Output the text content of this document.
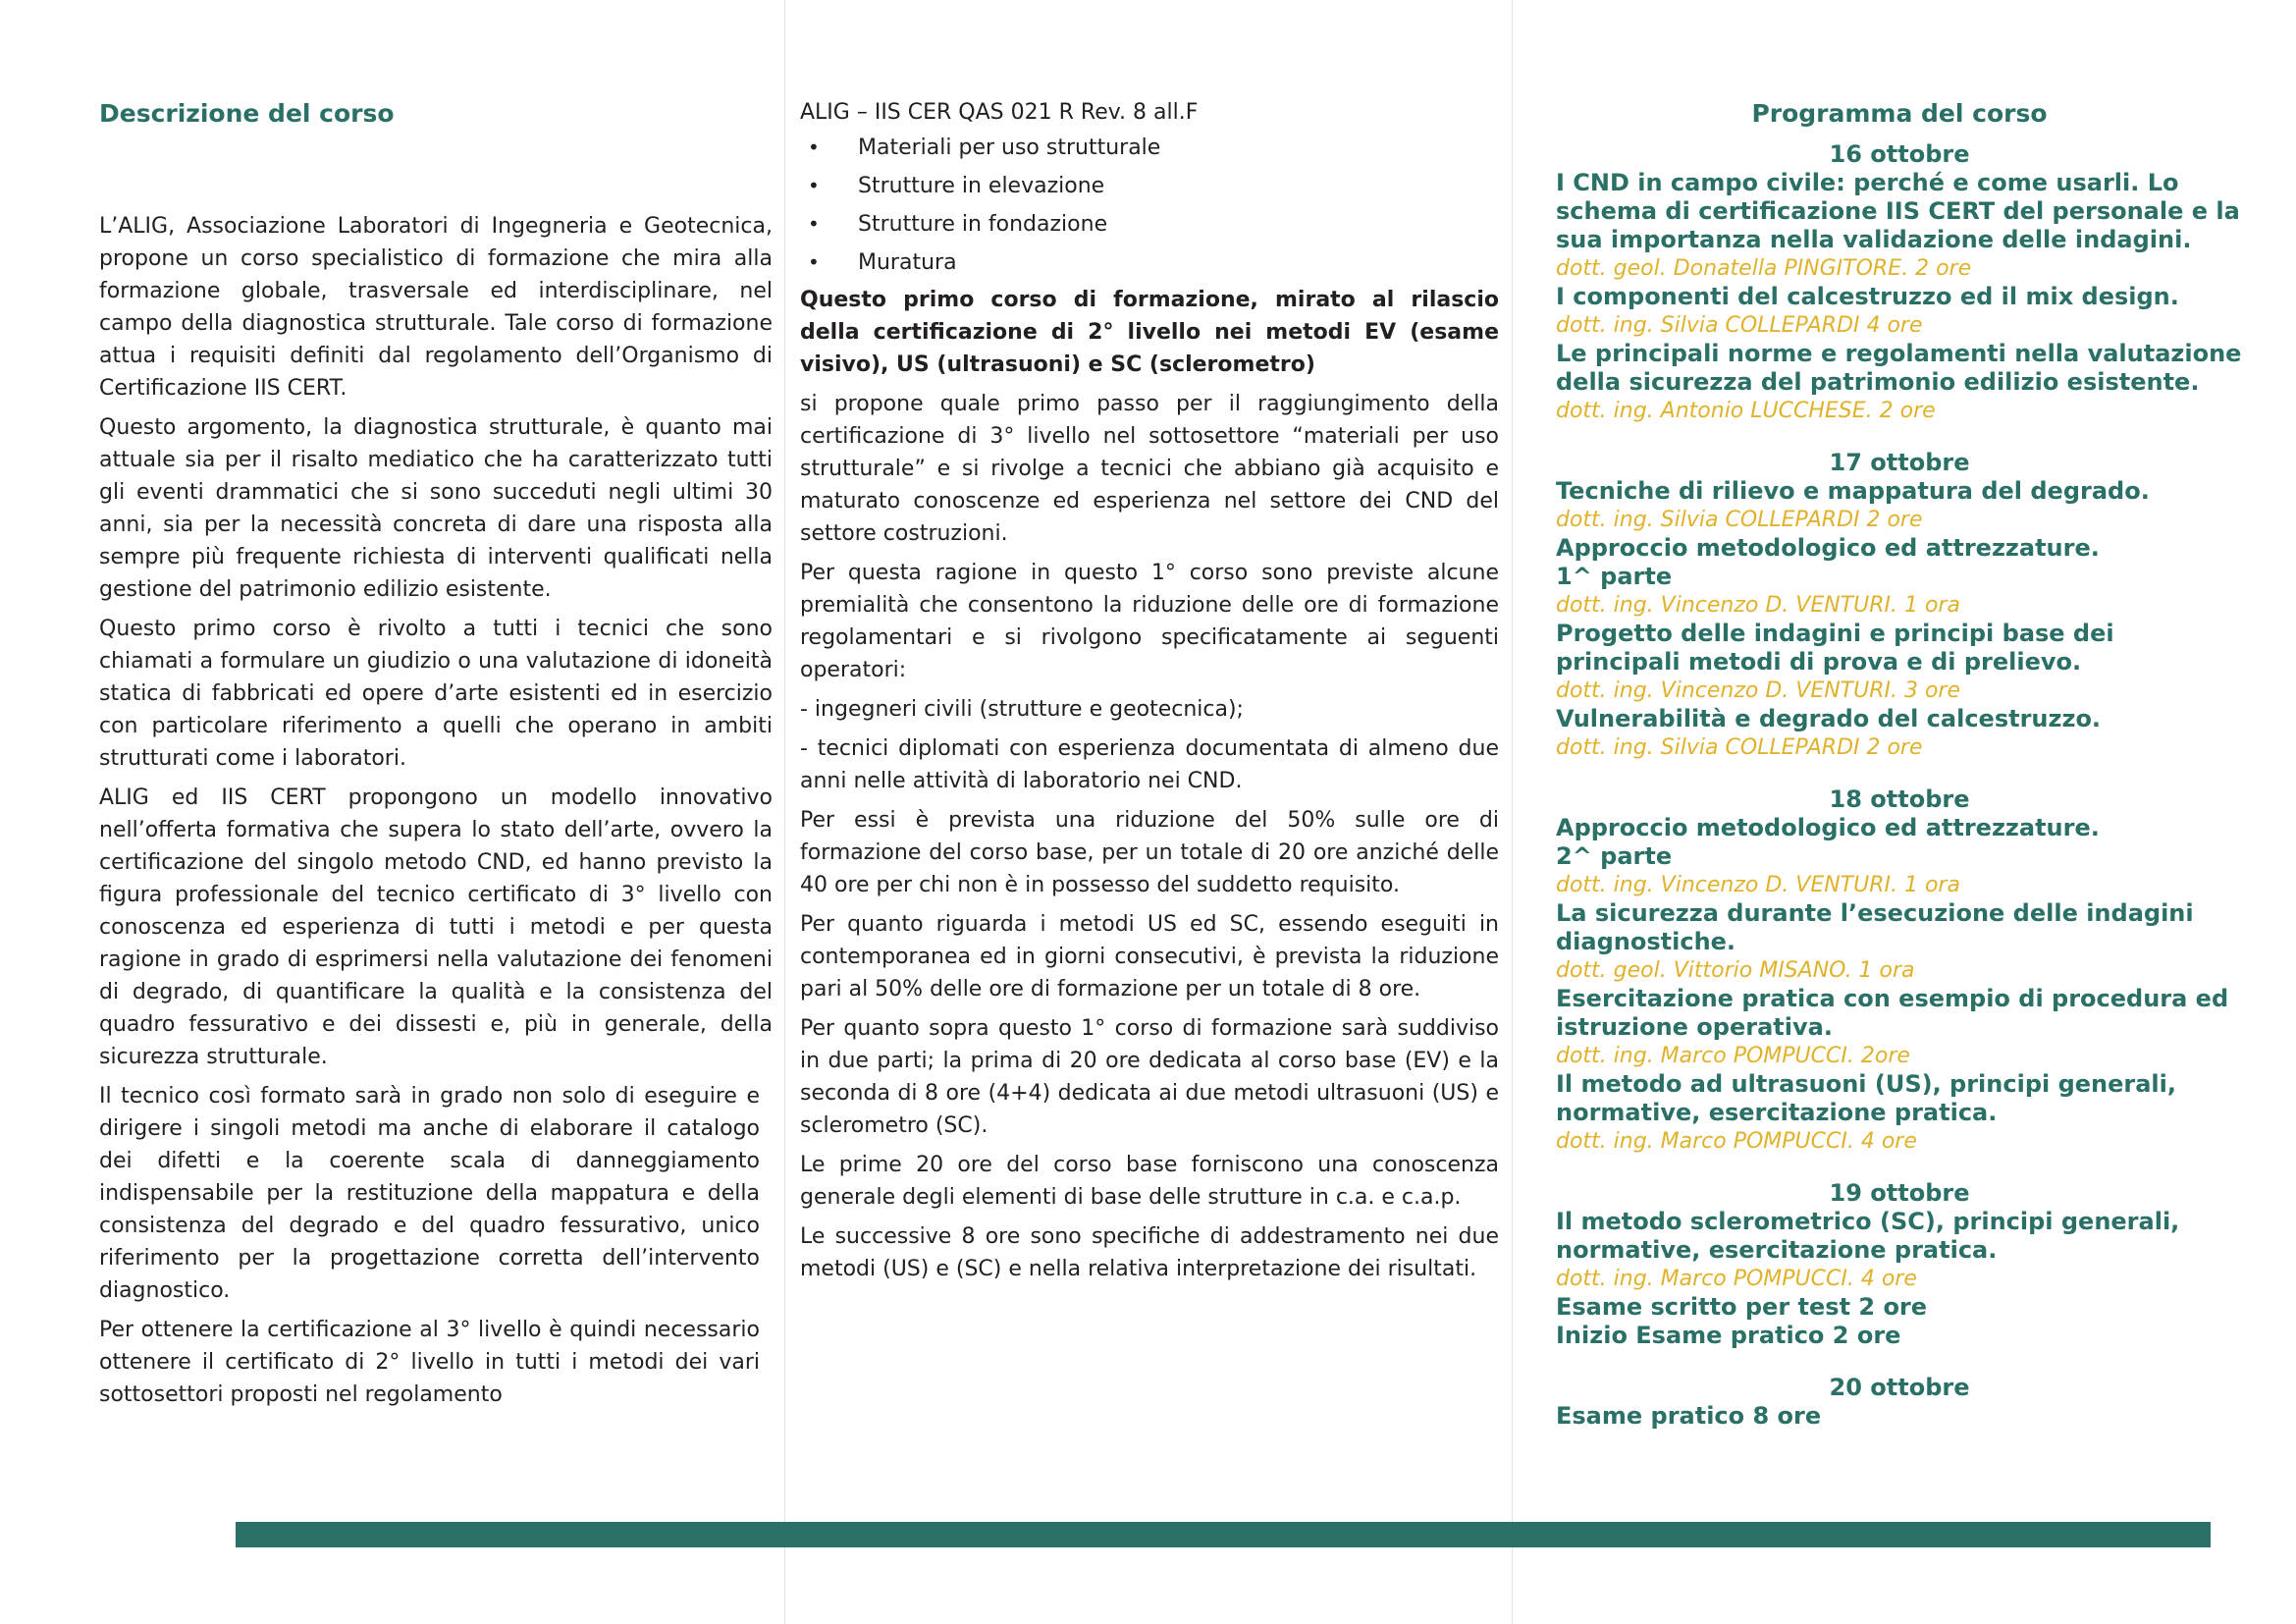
Descrizione del corso

L’ALIG, Associazione Laboratori di Ingegneria e Geotecnica, propone un corso specialistico di formazione che mira alla formazione globale, trasversale ed interdisciplinare, nel campo della diagnostica strutturale. Tale corso di formazione attua i requisiti definiti dal regolamento dell’Organismo di Certificazione IIS CERT.

Questo argomento, la diagnostica strutturale, è quanto mai attuale sia per il risalto mediatico che ha caratterizzato tutti gli eventi drammatici che si sono succeduti negli ultimi 30 anni, sia per la necessità concreta di dare una risposta alla sempre più frequente richiesta di interventi qualificati nella gestione del patrimonio edilizio esistente.

Questo primo corso è rivolto a tutti i tecnici che sono chiamati a formulare un giudizio o una valutazione di idoneità statica di fabbricati ed opere d’arte esistenti ed in esercizio con particolare riferimento a quelli che operano in ambiti strutturati come i laboratori.

ALIG ed IIS CERT propongono un modello innovativo nell’offerta formativa che supera lo stato dell’arte, ovvero la certificazione del singolo metodo CND, ed hanno previsto la figura professionale del tecnico certificato di 3° livello con conoscenza ed esperienza di tutti i metodi e per questa ragione in grado di esprimersi nella valutazione dei fenomeni di degrado, di quantificare la qualità e la consistenza del quadro fessurativo e dei dissesti e, più in generale, della sicurezza strutturale.

Il tecnico così formato sarà in grado non solo di eseguire e dirigere i singoli metodi ma anche di elaborare il catalogo dei difetti e la coerente scala di danneggiamento indispensabile per la restituzione della mappatura e della consistenza del degrado e del quadro fessurativo, unico riferimento per la progettazione corretta dell’intervento diagnostico.

Per ottenere la certificazione al 3° livello è quindi necessario ottenere il certificato di 2° livello in tutti i metodi dei vari sottosettori proposti nel regolamento

ALIG – IIS CER QAS 021 R Rev. 8 all.F

• Materiali per uso strutturale
• Strutture in elevazione
• Strutture in fondazione
• Muratura

Questo primo corso di formazione, mirato al rilascio della certificazione di 2° livello nei metodi EV (esame visivo), US (ultrasuoni) e SC (sclerometro)

si propone quale primo passo per il raggiungimento della certificazione di 3° livello nel sottosettore “materiali per uso strutturale” e si rivolge a tecnici che abbiano già acquisito e maturato conoscenze ed esperienza nel settore dei CND del settore costruzioni.

Per questa ragione in questo 1° corso sono previste alcune premialità che consentono la riduzione delle ore di formazione regolamentari e si rivolgono specificatamente ai seguenti operatori:

- ingegneri civili (strutture e geotecnica);

- tecnici diplomati con esperienza documentata di almeno due anni nelle attività di laboratorio nei CND.

Per essi è prevista una riduzione del 50% sulle ore di formazione del corso base, per un totale di 20 ore anziché delle 40 ore per chi non è in possesso del suddetto requisito.

Per quanto riguarda i metodi US ed SC, essendo eseguiti in contemporanea ed in giorni consecutivi, è prevista la riduzione pari al 50% delle ore di formazione per un totale di 8 ore.

Per quanto sopra questo 1° corso di formazione sarà suddiviso in due parti; la prima di 20 ore dedicata al corso base (EV) e la seconda di 8 ore (4+4) dedicata ai due metodi ultrasuoni (US) e sclerometro (SC).

Le prime 20 ore del corso base forniscono una conoscenza generale degli elementi di base delle strutture in c.a. e c.a.p.

Le successive 8 ore sono specifiche di addestramento nei due metodi (US) e (SC) e nella relativa interpretazione dei risultati.

Programma del corso
16 ottobre
I CND in campo civile: perché e come usarli. Lo schema di certificazione IIS CERT del personale e la sua importanza nella validazione delle indagini.
dott. geol. Donatella PINGITORE. 2 ore
I componenti del calcestruzzo ed il mix design.
dott. ing. Silvia COLLEPARDI 4 ore
Le principali norme e regolamenti nella valutazione della sicurezza del patrimonio edilizio esistente.
dott. ing. Antonio LUCCHESE. 2 ore
17 ottobre
Tecniche di rilievo e mappatura del degrado.
dott. ing. Silvia COLLEPARDI 2 ore
Approccio metodologico ed attrezzature.
1^ parte
dott. ing. Vincenzo D. VENTURI. 1 ora
Progetto delle indagini e principi base dei principali metodi di prova e di prelievo.
dott. ing. Vincenzo D. VENTURI. 3 ore
Vulnerabilità e degrado del calcestruzzo.
dott. ing. Silvia COLLEPARDI 2 ore
18 ottobre
Approccio metodologico ed attrezzature.
2^ parte
dott. ing. Vincenzo D. VENTURI. 1 ora
La sicurezza durante l’esecuzione delle indagini diagnostiche.
dott. geol. Vittorio MISANO. 1 ora
Esercitazione pratica con esempio di procedura ed istruzione operativa.
dott. ing. Marco POMPUCCI. 2ore
Il metodo ad ultrasuoni (US), principi generali, normative, esercitazione pratica.
dott. ing. Marco POMPUCCI. 4 ore
19 ottobre
Il metodo sclerometrico (SC), principi generali, normative, esercitazione pratica.
dott. ing. Marco POMPUCCI. 4 ore
Esame scritto per test 2 ore
Inizio Esame pratico 2 ore
20 ottobre
Esame pratico 8 ore
